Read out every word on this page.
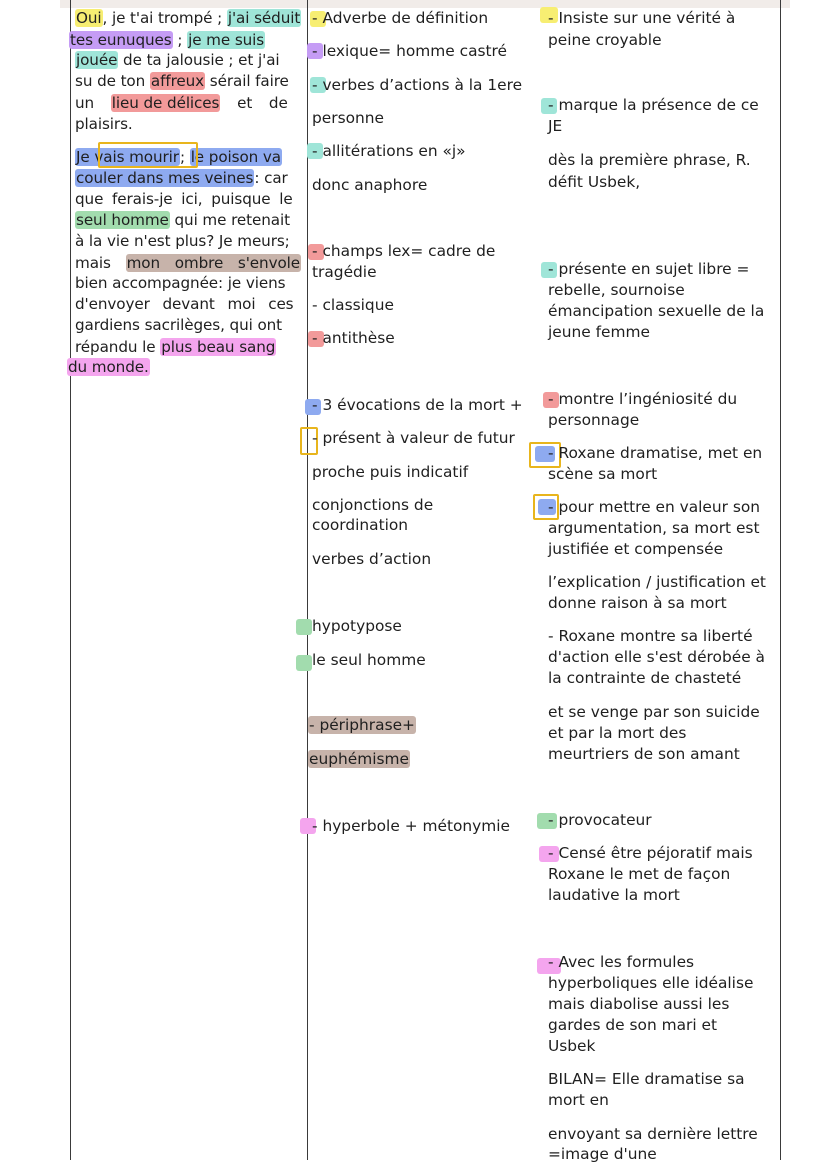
Oui, je t'ai trompé ; j'ai séduit
tes eunuques ; je me suis
jouée de ta jalousie ; et j'ai
su de ton affreux sérail faire
un lieu de délices et de
plaisirs.
Je vais mourir; le poison va
couler dans mes veines: car
que ferais-je ici, puisque le
seul homme qui me retenait
à la vie n'est plus? Je meurs;
mais mon ombre s'envole
bien accompagnée: je viens
d'envoyer devant moi ces
gardiens sacrilèges, qui ont
répandu le plus beau sang
du monde.
- Adverbe de définition
- lexique= homme castré
- verbes d’actions à la 1ere
personne
- allitérations en «j»
donc anaphore
- champs lex= cadre de
tragédie
- classique
- antithèse
- 3 évocations de la mort +
- présent à valeur de futur
proche puis indicatif
conjonctions de
coordination
verbes d’action
hypotypose
le seul homme
- périphrase+
euphémisme
- hyperbole + métonymie
- Insiste sur une vérité à
peine croyable
- marque la présence de ce
JE
dès la première phrase, R.
défit Usbek,
- présente en sujet libre =
rebelle, sournoise
émancipation sexuelle de la
jeune femme
- montre l’ingéniosité du
personnage
- Roxane dramatise, met en
scène sa mort
- pour mettre en valeur son
argumentation, sa mort est
justifiée et compensée
l’explication / justification et
donne raison à sa mort
- Roxane montre sa liberté
d'action elle s'est dérobée à
la contrainte de chasteté
et se venge par son suicide
et par la mort des
meurtriers de son amant
- provocateur
- Censé être péjoratif mais
Roxane le met de façon
laudative la mort
- Avec les formules
hyperboliques elle idéalise
mais diabolise aussi les
gardes de son mari et
Usbek
BILAN= Elle dramatise sa
mort en
envoyant sa dernière lettre
=image d'une
